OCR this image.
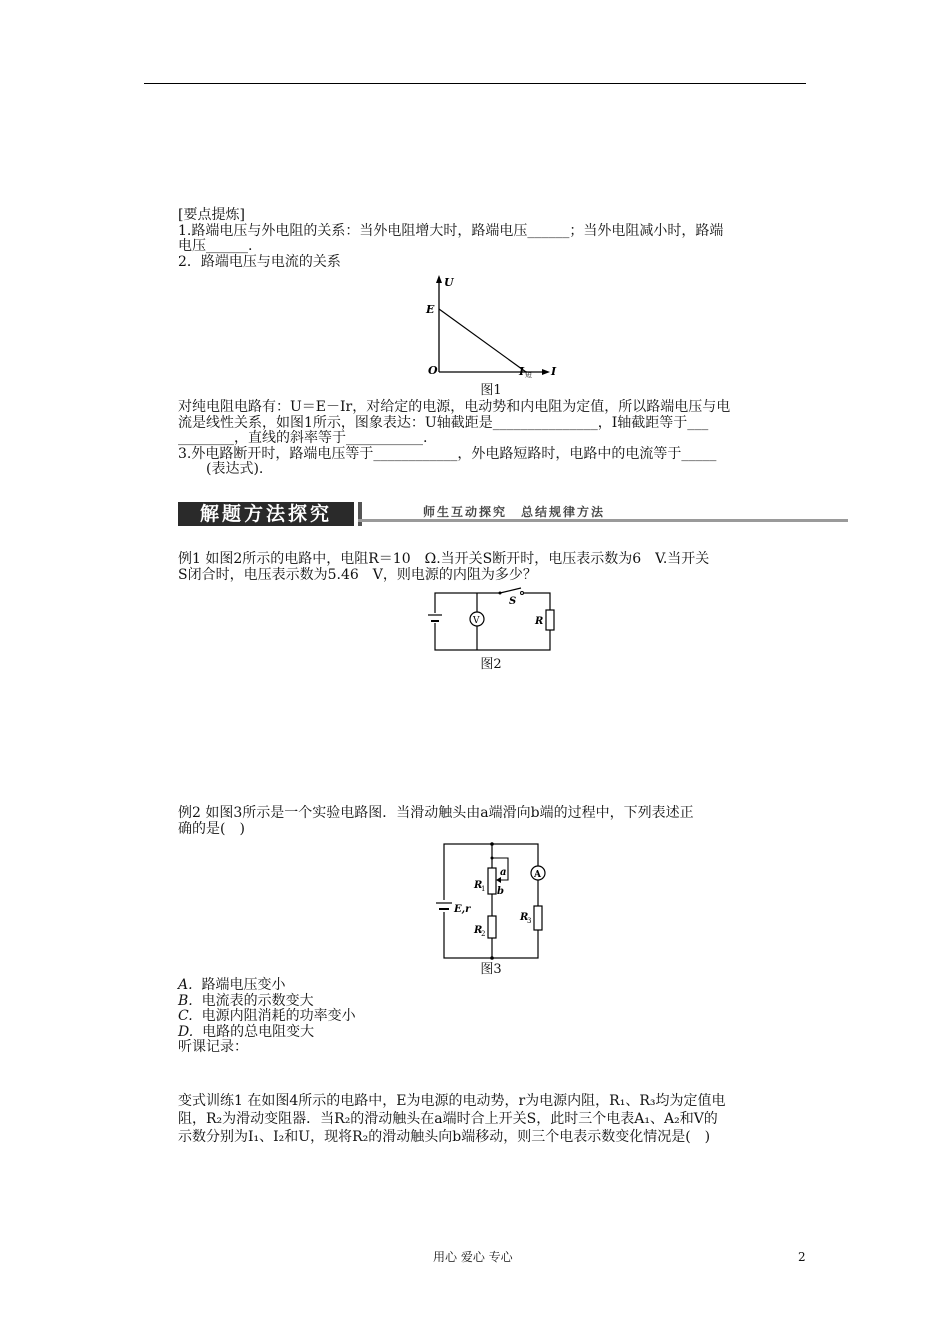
[要点提炼]
1.路端电压与外电阻的关系：当外电阻增大时，路端电压______；当外电阻减小时，路端
电压______.
2．路端电压与电流的关系
U
E
O	I 短 I
图1
对纯电阻电路有：U＝E－Ir，对给定的电源，电动势和内电阻为定值，所以路端电压与电
流是线性关系，如图1所示，图象表达：U轴截距是_______________，I轴截距等于___
________，直线的斜率等于___________.
3.外电路断开时，路端电压等于____________，外电路短路时，电路中的电流等于_____
(表达式).
解题方法探究	师生互动探究　总结规律方法
例1 如图2所示的电路中，电阻R＝10　Ω.当开关S断开时，电压表示数为6　V.当开关
S闭合时，电压表示数为5.46　V，则电源的内阻为多少？
V
S
R
图2
例2 如图3所示是一个实验电路图．当滑动触头由a端滑向b端的过程中，下列表述正
确的是(　)
E,r
a
b
R
1
R
2
A
R
3
图3
A. 路端电压变小
B. 电流表的示数变大
C. 电源内阻消耗的功率变小
D. 电路的总电阻变大
听课记录：
变式训练1 在如图4所示的电路中，E为电源的电动势，r为电源内阻，R₁、R₃均为定值电
阻，R₂为滑动变阻器．当R₂的滑动触头在a端时合上开关S，此时三个电表A₁、A₂和V的
示数分别为I₁、I₂和U，现将R₂的滑动触头向b端移动，则三个电表示数变化情况是(　)
用心 爱心 专心	2
